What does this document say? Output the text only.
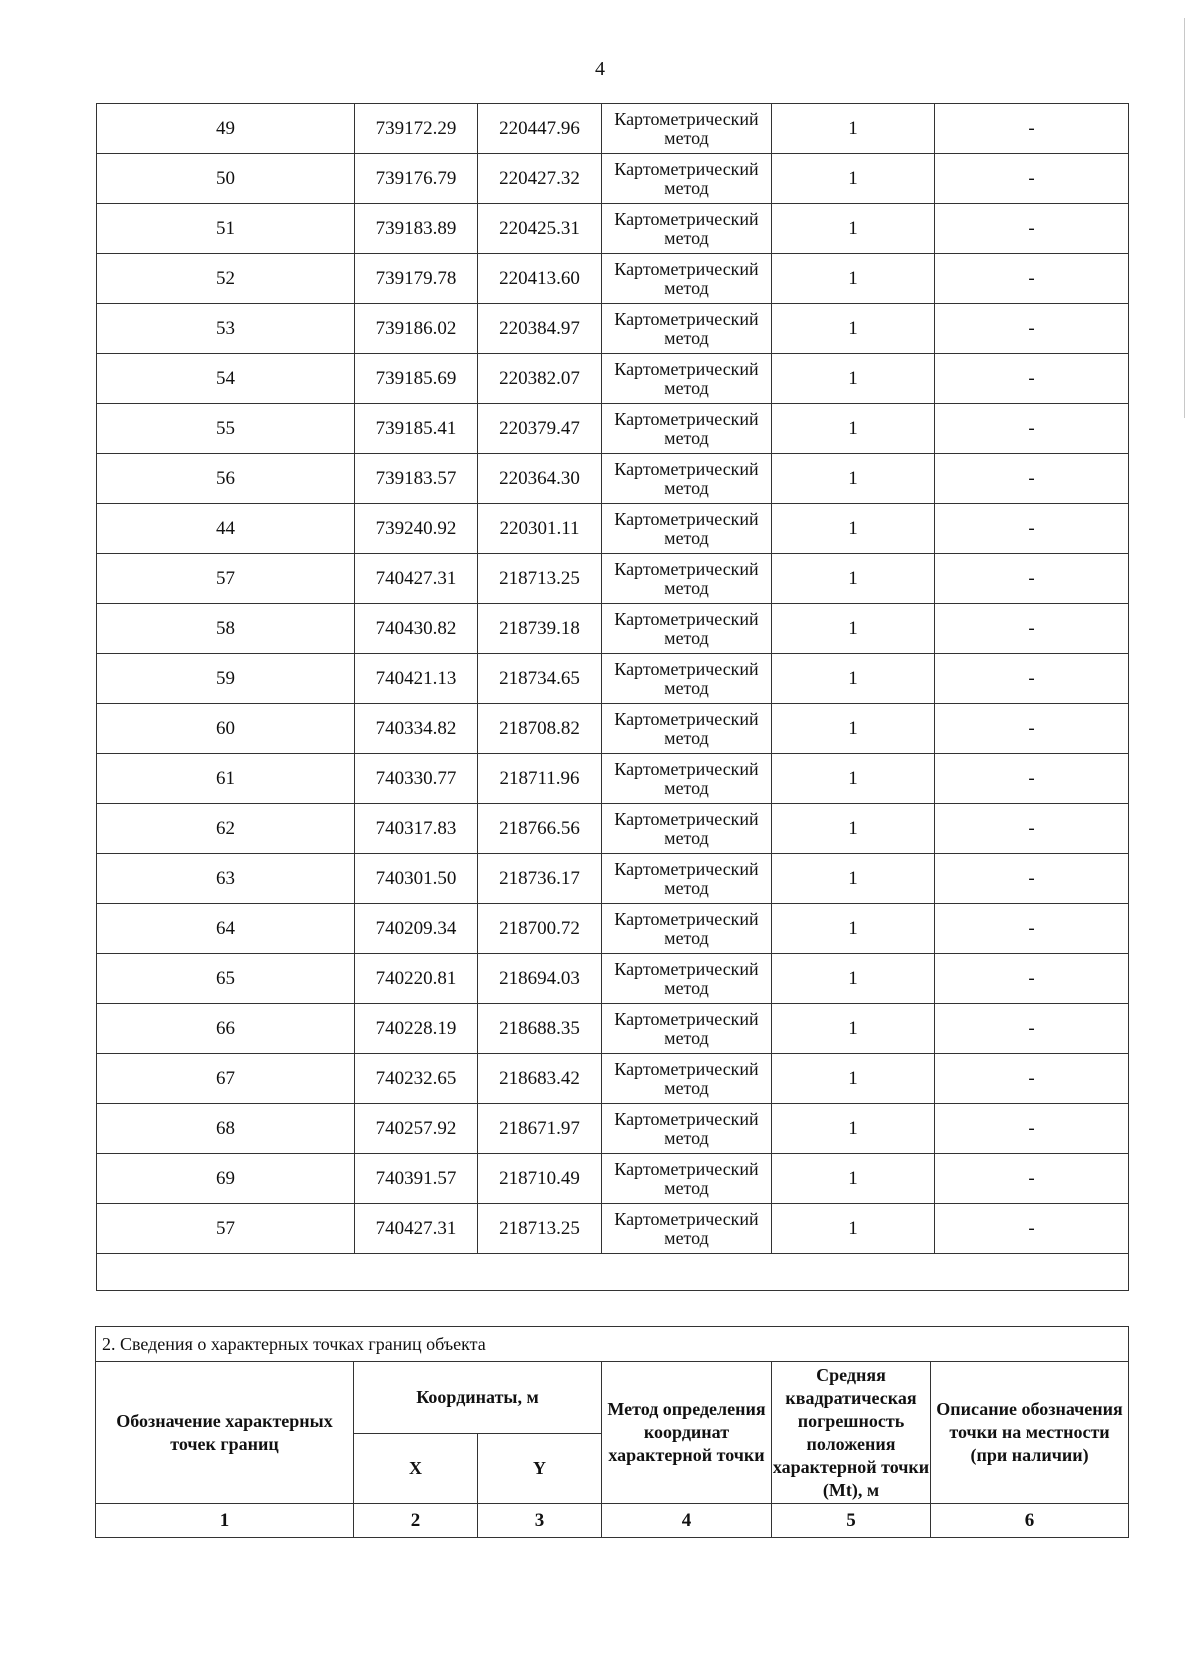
4
49	739172.29	220447.96	Картометрический метод	1	-
50	739176.79	220427.32	Картометрический метод	1	-
51	739183.89	220425.31	Картометрический метод	1	-
52	739179.78	220413.60	Картометрический метод	1	-
53	739186.02	220384.97	Картометрический метод	1	-
54	739185.69	220382.07	Картометрический метод	1	-
55	739185.41	220379.47	Картометрический метод	1	-
56	739183.57	220364.30	Картометрический метод	1	-
44	739240.92	220301.11	Картометрический метод	1	-
57	740427.31	218713.25	Картометрический метод	1	-
58	740430.82	218739.18	Картометрический метод	1	-
59	740421.13	218734.65	Картометрический метод	1	-
60	740334.82	218708.82	Картометрический метод	1	-
61	740330.77	218711.96	Картометрический метод	1	-
62	740317.83	218766.56	Картометрический метод	1	-
63	740301.50	218736.17	Картометрический метод	1	-
64	740209.34	218700.72	Картометрический метод	1	-
65	740220.81	218694.03	Картометрический метод	1	-
66	740228.19	218688.35	Картометрический метод	1	-
67	740232.65	218683.42	Картометрический метод	1	-
68	740257.92	218671.97	Картометрический метод	1	-
69	740391.57	218710.49	Картометрический метод	1	-
57	740427.31	218713.25	Картометрический метод	1	-

2. Сведения о характерных точках границ объекта					
Обозначение характерных точек границ	Координаты, м		Метод определения координат характерной точки	Средняя квадратическая погрешность положения характерной точки (Mt), м	Описание обозначения точки на местности (при наличии)
	X	Y			
1	2	3	4	5	6
